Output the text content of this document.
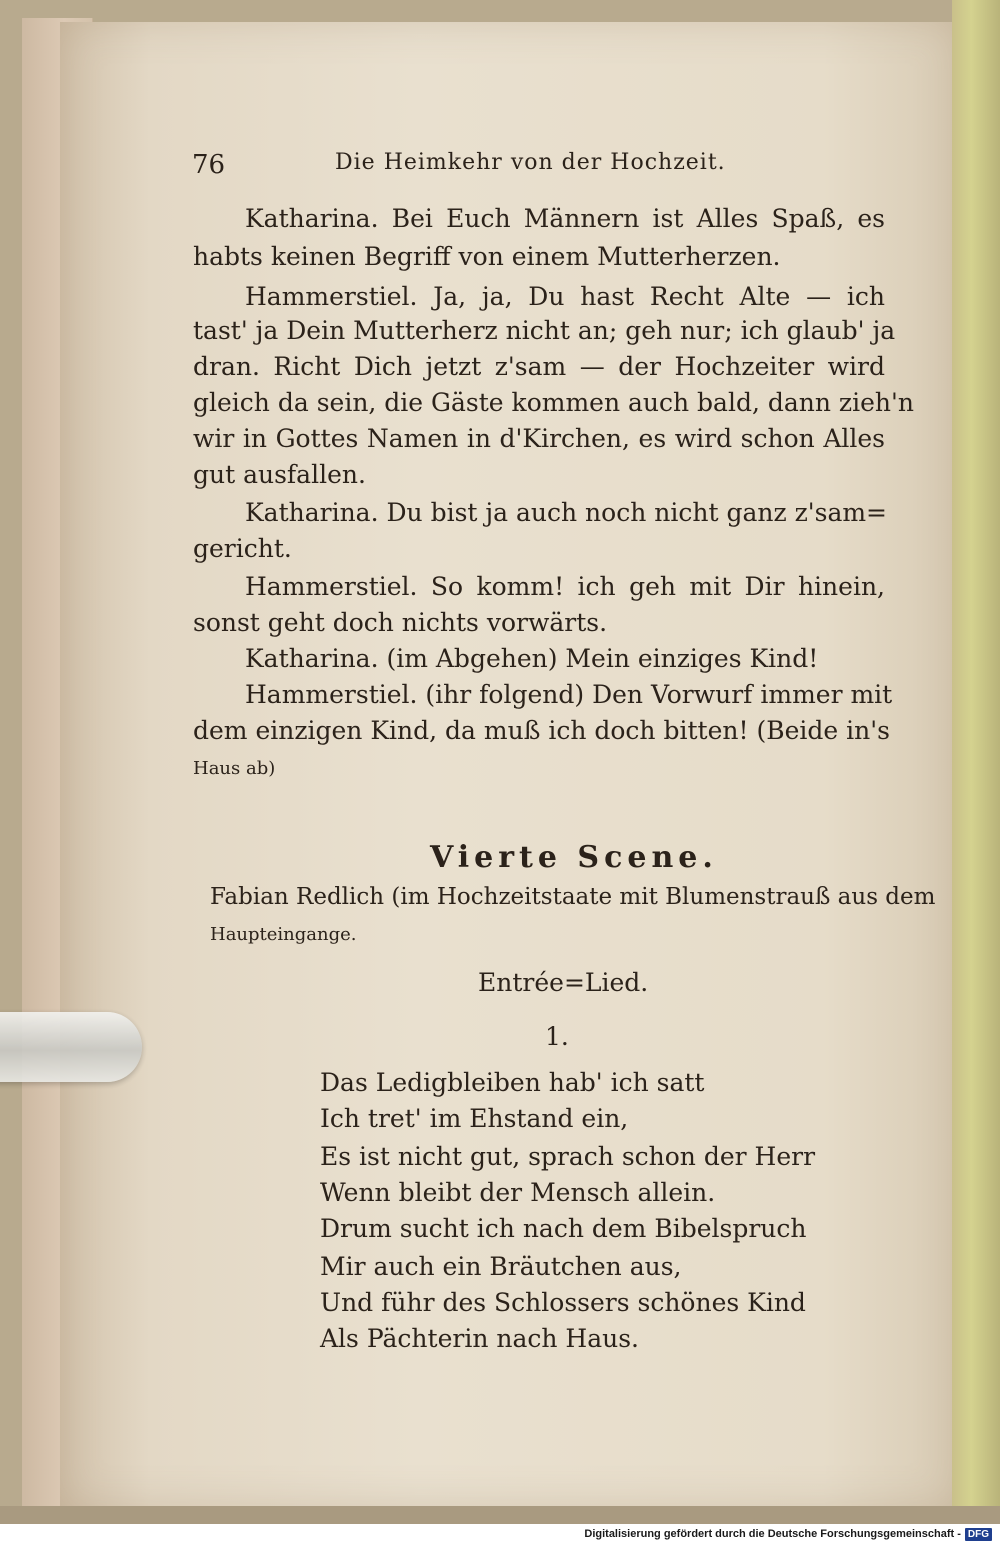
76	Die Heimkehr von der Hochzeit.
Katharina. Bei Euch Männern ist Alles Spaß, es
habts keinen Begriff von einem Mutterherzen.
Hammerstiel. Ja, ja, Du hast Recht Alte — ich
tast' ja Dein Mutterherz nicht an; geh nur; ich glaub' ja
dran. Richt Dich jetzt z'sam — der Hochzeiter wird
gleich da sein, die Gäste kommen auch bald, dann zieh'n
wir in Gottes Namen in d'Kirchen, es wird schon Alles
gut ausfallen.
Katharina. Du bist ja auch noch nicht ganz z'sam=
gericht.
Hammerstiel. So komm! ich geh mit Dir hinein,
sonst geht doch nichts vorwärts.
Katharina. (im Abgehen) Mein einziges Kind!
Hammerstiel. (ihr folgend) Den Vorwurf immer mit
dem einzigen Kind, da muß ich doch bitten! (Beide in's
Haus ab)
Vierte Scene.
Fabian Redlich (im Hochzeitstaate mit Blumenstrauß aus dem
Haupteingange.
Entrée=Lied.
1.
Das Ledigbleiben hab' ich satt
Ich tret' im Ehstand ein,
Es ist nicht gut, sprach schon der Herr
Wenn bleibt der Mensch allein.
Drum sucht ich nach dem Bibelspruch
Mir auch ein Bräutchen aus,
Und führ des Schlossers schönes Kind
Als Pächterin nach Haus.
Digitalisierung gefördert durch die Deutsche Forschungsgemeinschaft - DFG
